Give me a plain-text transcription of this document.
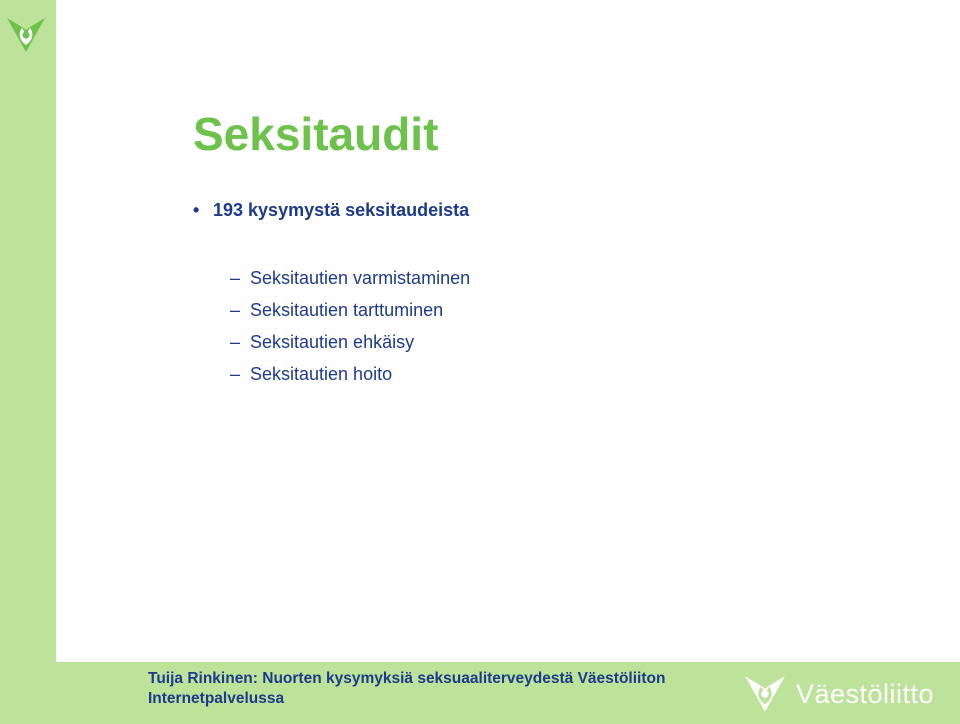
Seksitaudit
• 193 kysymystä seksitaudeista
– Seksitautien varmistaminen
– Seksitautien tarttuminen
– Seksitautien ehkäisy
– Seksitautien hoito
Tuija Rinkinen: Nuorten kysymyksiä seksuaaliterveydestä Väestöliiton Internetpalvelussa	Väestöliitto
